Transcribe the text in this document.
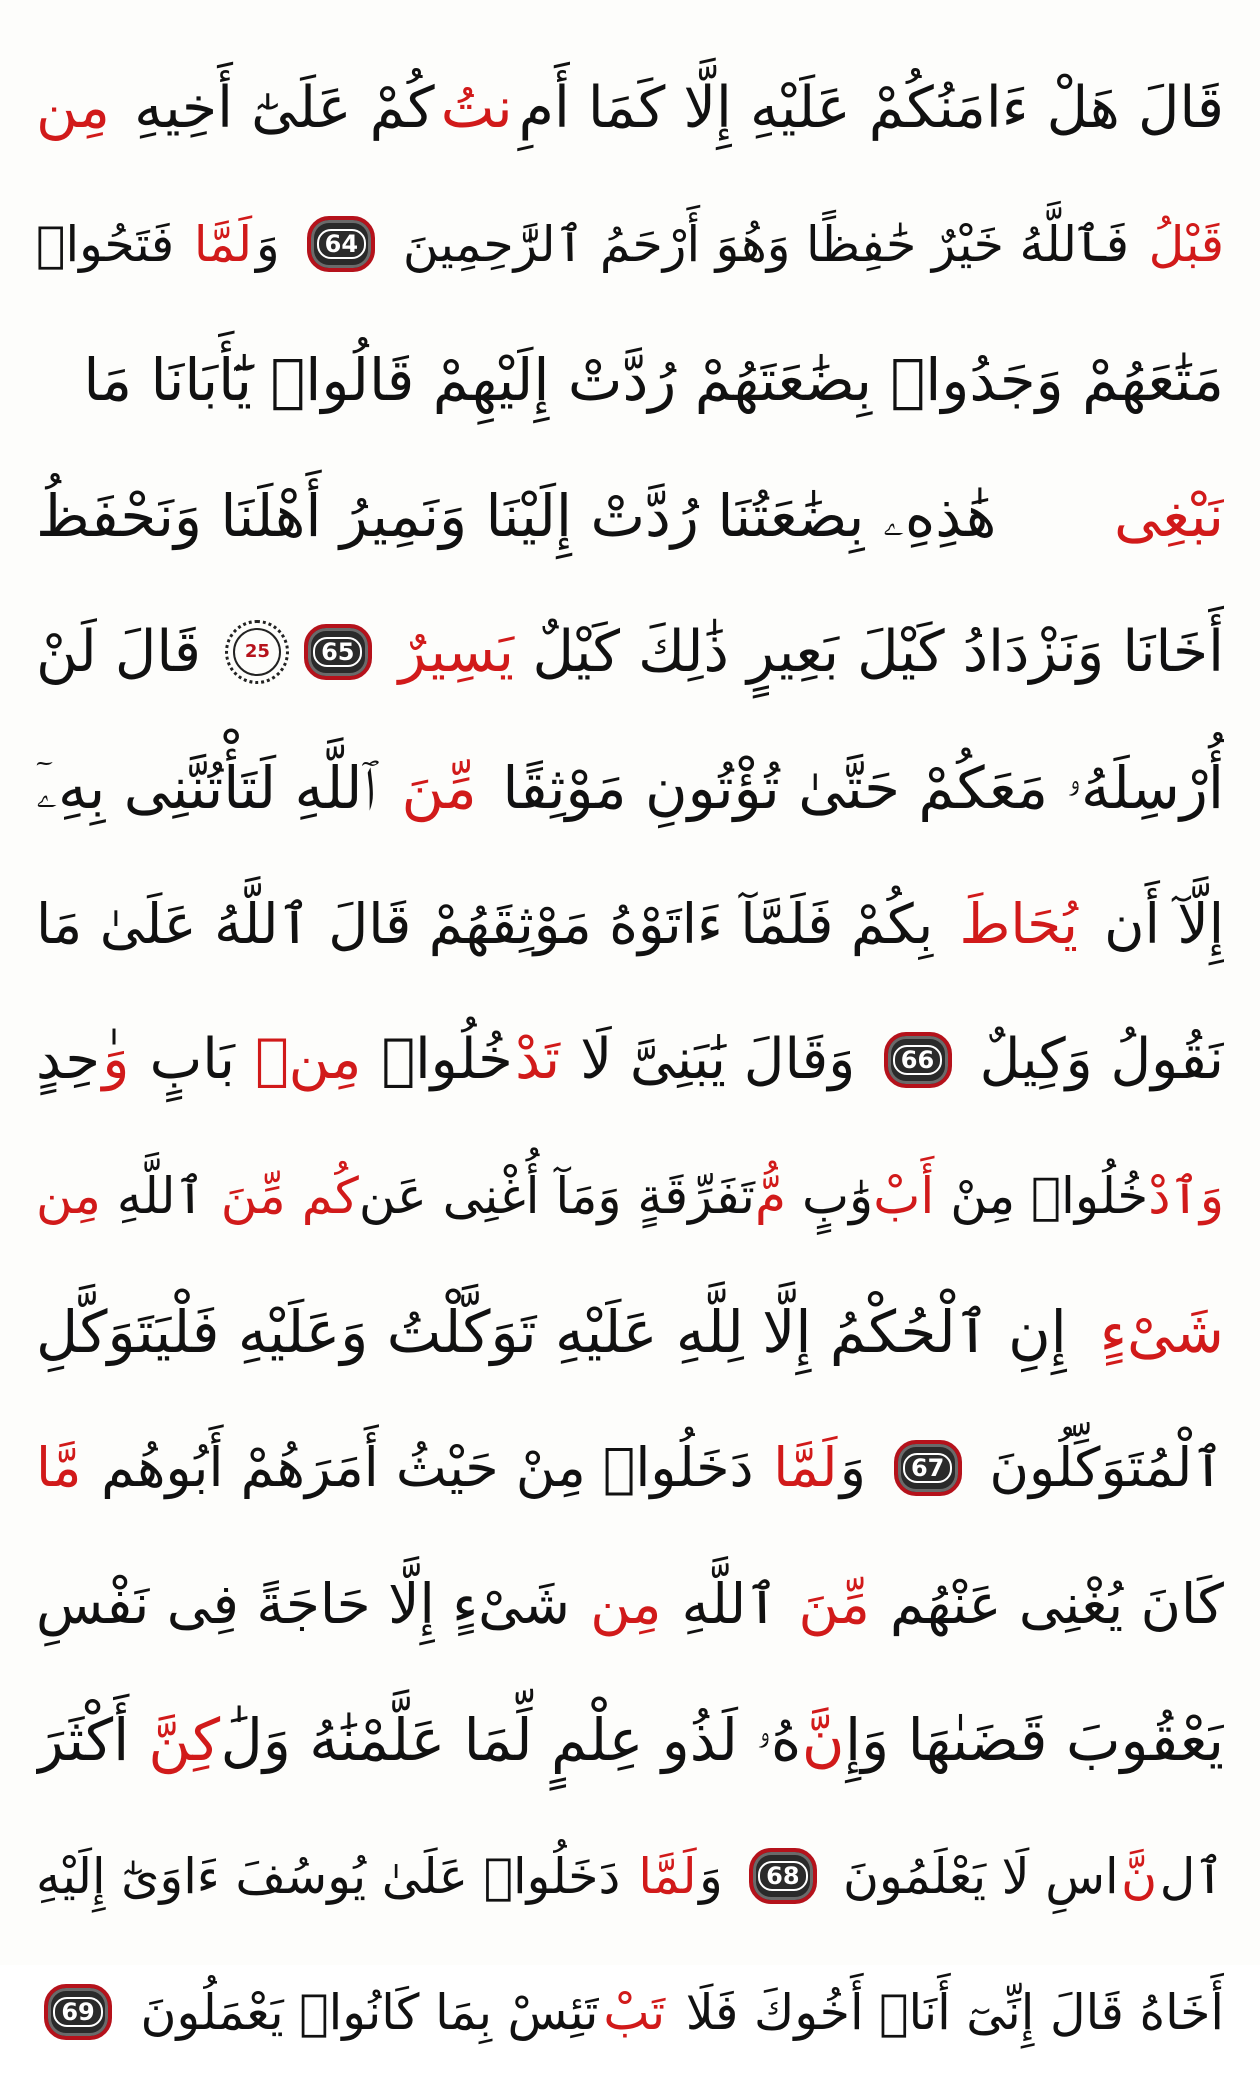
قَالَ هَلْ ءَامَنُكُمْ عَلَيْهِ إِلَّا كَمَا أَمِ
نتُ
كُمْ عَلَىٰٓ أَخِيهِ
مِن
قَبْلُ
فَٱللَّهُ خَيْرٌ حَٰفِظًا وَهُوَ أَرْحَمُ ٱلرَّٰحِمِينَ
64
وَ
لَمَّا
فَتَحُوا۟
مَتَٰعَهُمْ وَجَدُوا۟ بِضَٰعَتَهُمْ رُدَّتْ إِلَيْهِمْ قَالُوا۟ يَٰٓأَبَانَا مَا
نَبْغِى
هَٰذِهِۦ بِضَٰعَتُنَا رُدَّتْ إِلَيْنَا وَنَمِيرُ أَهْلَنَا وَنَحْفَظُ
أَخَانَا وَنَزْدَادُ كَيْلَ بَعِيرٍ ذَٰلِكَ كَيْلٌ
يَسِيرٌ

65
25
قَالَ لَنْ
أُرْسِلَهُۥ مَعَكُمْ حَتَّىٰ تُؤْتُونِ مَوْثِقًا
مِّنَ
ٱللَّهِ لَتَأْتُنَّنِى بِهِۦٓ
إِلَّآ أَن
يُحَاطَ
بِكُمْ فَلَمَّآ ءَاتَوْهُ مَوْثِقَهُمْ قَالَ ٱللَّهُ عَلَىٰ مَا
نَقُولُ وَكِيلٌ
66
وَقَالَ يَٰبَنِىَّ لَا
تَدْ
خُلُوا۟
مِنۢ
بَابٍ
وَ
ٰحِدٍ
وَٱدْ
خُلُوا۟ مِنْ
أَبْ
وَٰبٍ
مُّ
تَفَرِّقَةٍ وَمَآ أُغْنِى عَن
كُم

مِّنَ
ٱللَّهِ
مِن
شَىْءٍ
إِنِ ٱلْحُكْمُ إِلَّا لِلَّهِ عَلَيْهِ تَوَكَّلْتُ وَعَلَيْهِ فَلْيَتَوَكَّلِ
ٱلْمُتَوَكِّلُونَ
67
وَ
لَمَّا
دَخَلُوا۟ مِنْ حَيْثُ أَمَرَهُمْ أَبُوهُم
مَّا
كَانَ يُغْنِى عَنْهُم
مِّنَ
ٱللَّهِ
مِن
شَىْءٍ إِلَّا حَاجَةً فِى نَفْسِ
يَعْقُوبَ قَضَىٰهَا وَإِ
نَّ
هُۥ لَذُو عِلْمٍ لِّمَا عَلَّمْنَٰهُ وَلَٰ
كِنَّ
أَكْثَرَ
ٱل
نَّ
اسِ لَا يَعْلَمُونَ
68
وَ
لَمَّا
دَخَلُوا۟ عَلَىٰ يُوسُفَ ءَاوَىٰٓ إِلَيْهِ
أَخَاهُ قَالَ إِنِّىٓ أَنَا۠ أَخُوكَ فَلَا
تَبْ
تَئِسْ بِمَا كَانُوا۟ يَعْمَلُونَ
69
